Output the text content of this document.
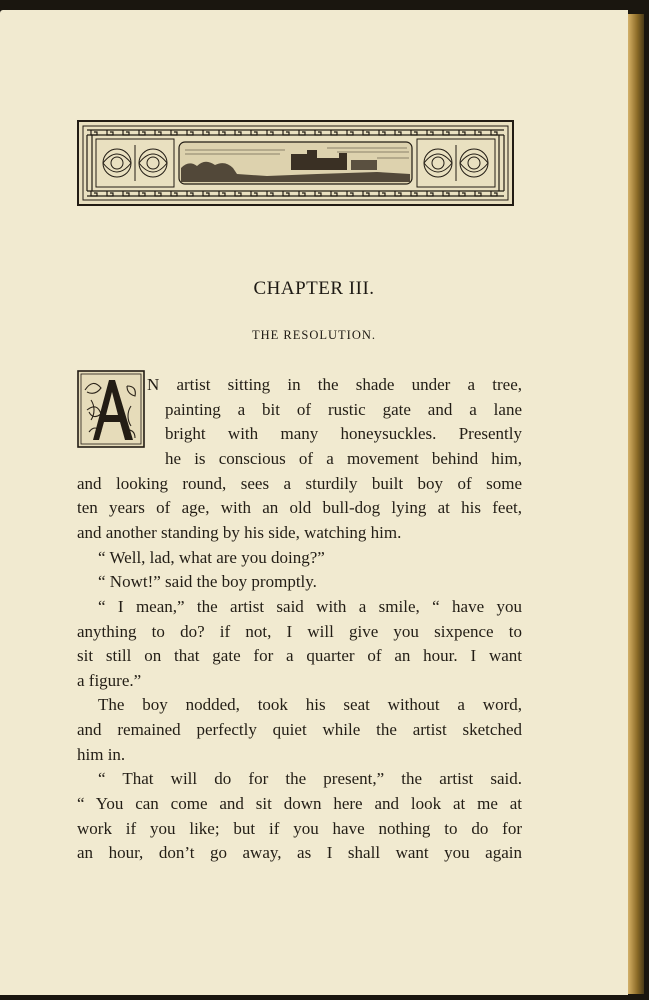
CHAPTER III.
THE RESOLUTION.
N artist sitting in the shade under a tree,
painting a bit of rustic gate and a lane
bright with many honeysuckles. Presently
he is conscious of a movement behind him,
and looking round, sees a sturdily built boy of some
ten years of age, with an old bull-dog lying at his feet,
and another standing by his side, watching him.
“ Well, lad, what are you doing?”
“ Nowt!” said the boy promptly.
“ I mean,” the artist said with a smile, “ have you
anything to do? if not, I will give you sixpence to
sit still on that gate for a quarter of an hour. I want
a figure.”
The boy nodded, took his seat without a word,
and remained perfectly quiet while the artist sketched
him in.
“ That will do for the present,” the artist said.
“ You can come and sit down here and look at me at
work if you like; but if you have nothing to do for
an hour, don’t go away, as I shall want you again
